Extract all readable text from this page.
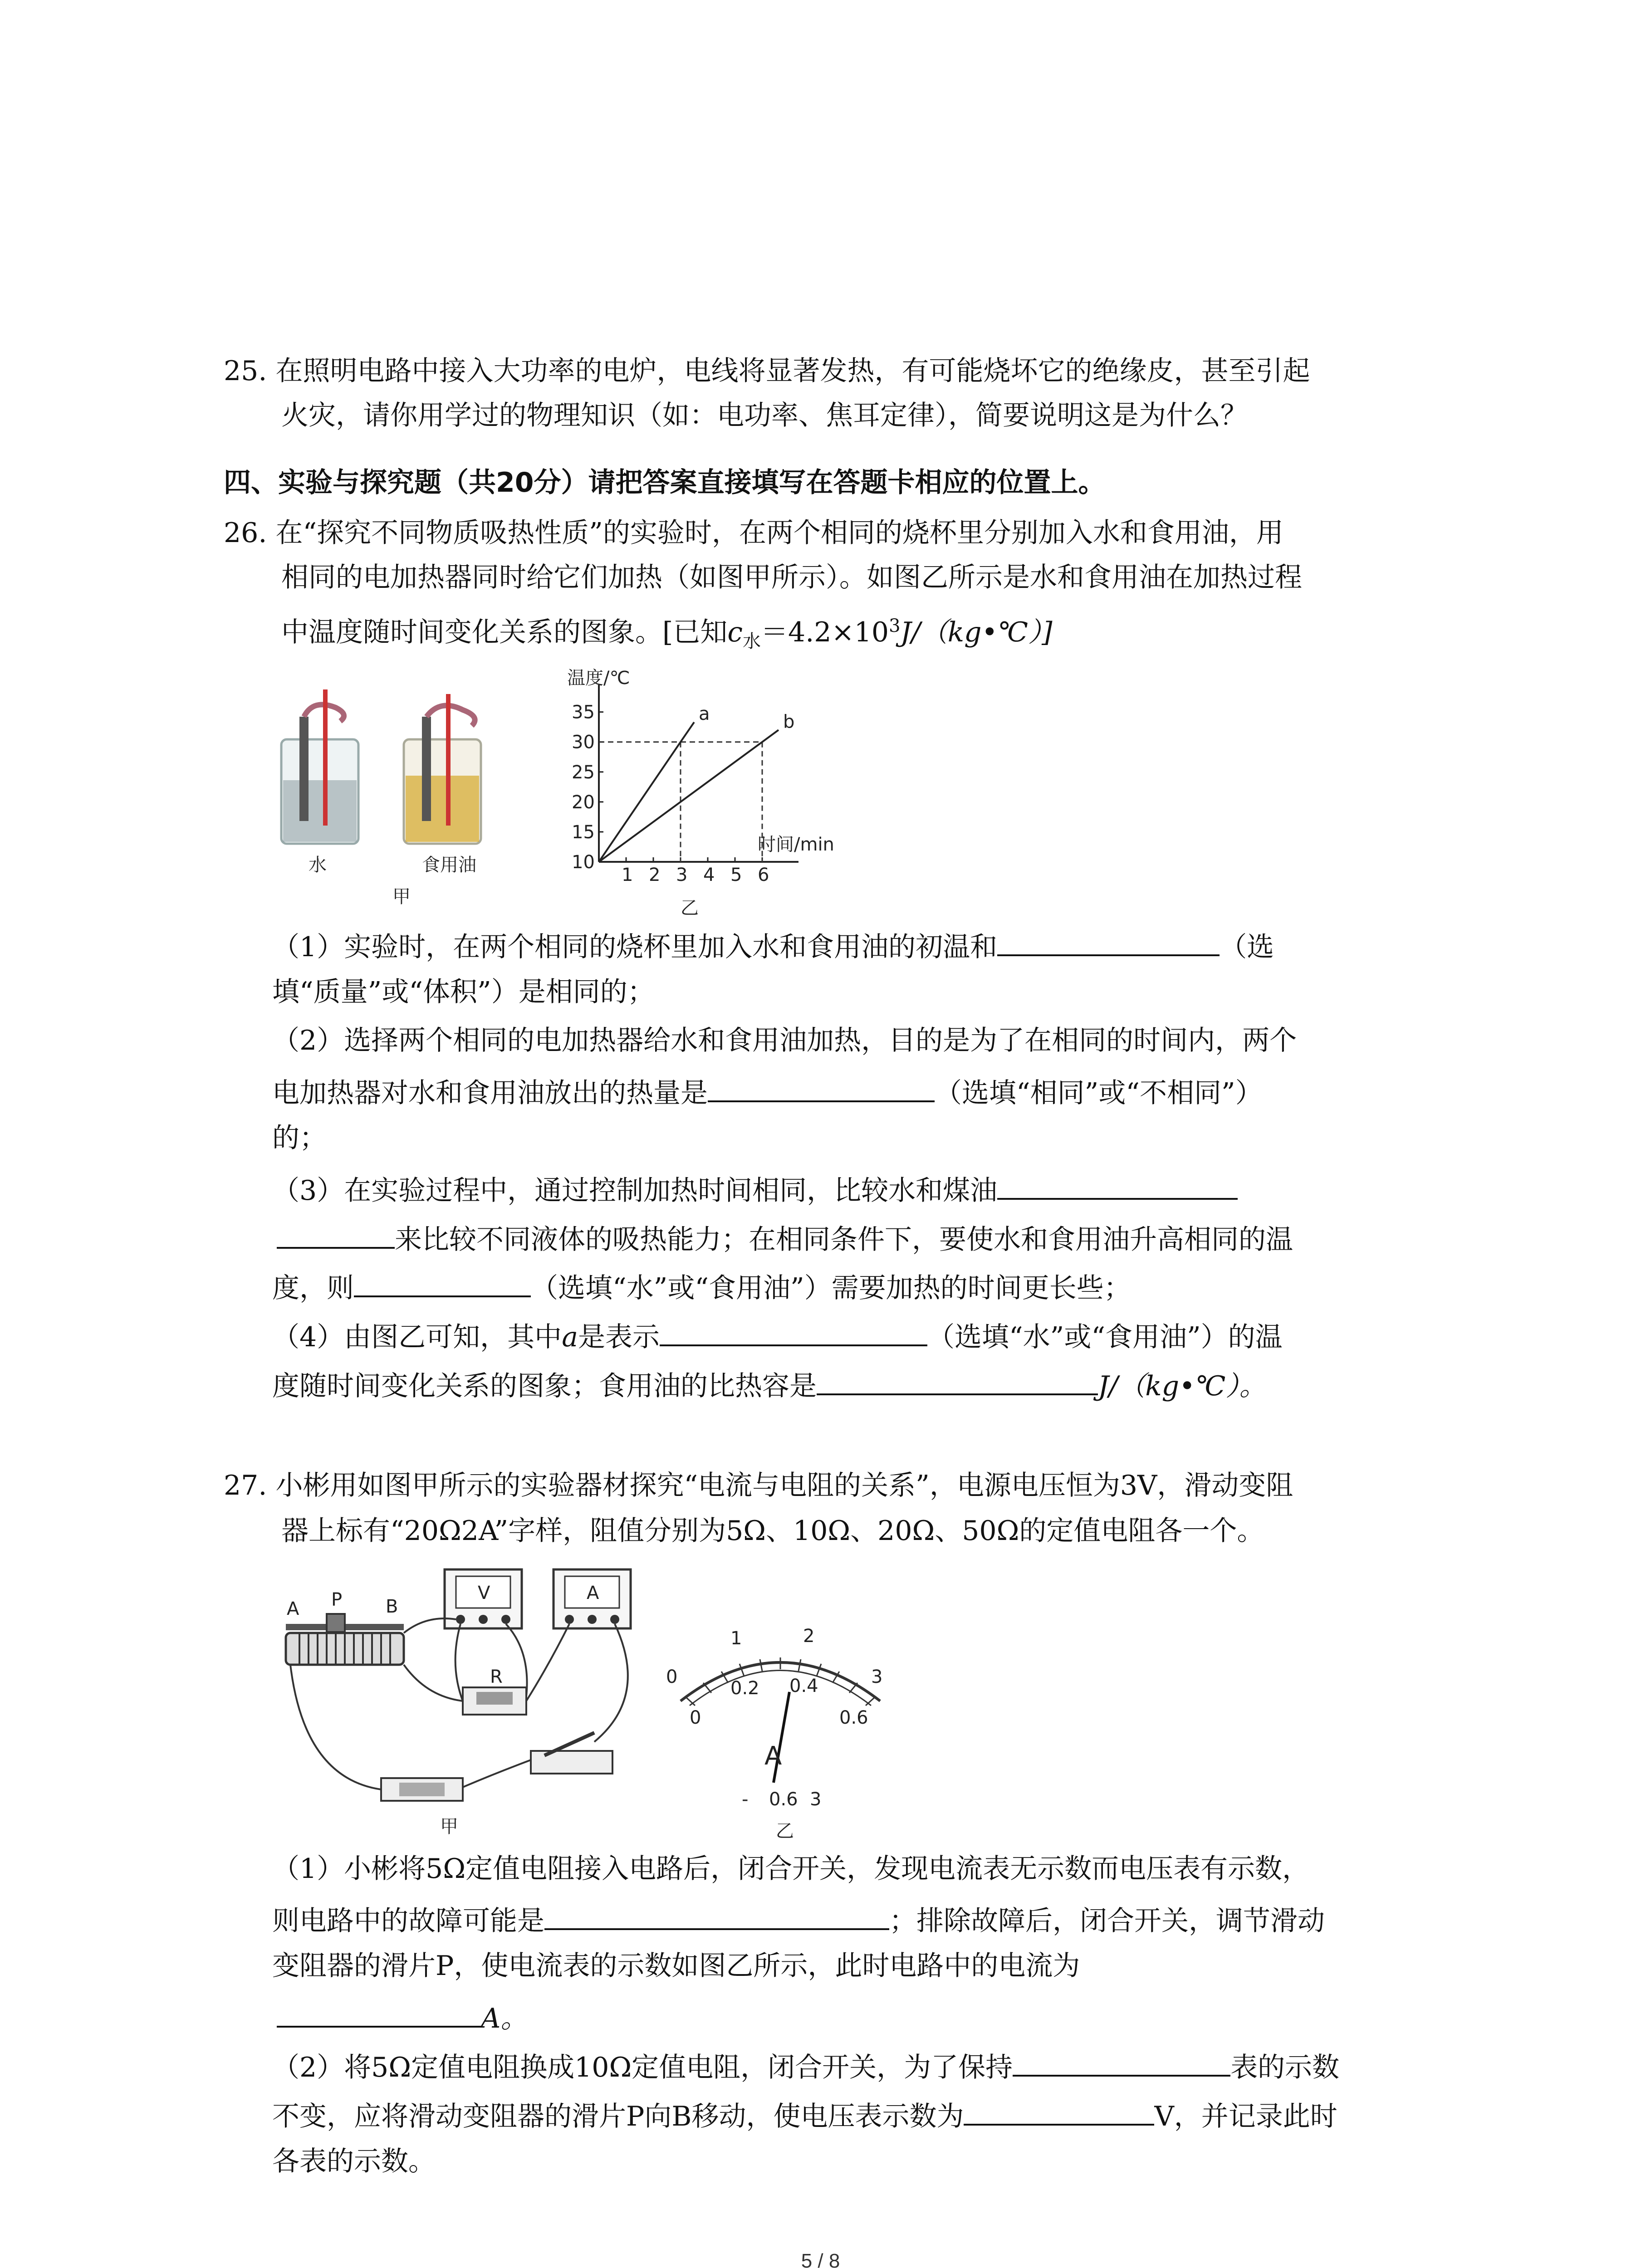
25. 在照明电路中接入大功率的电炉，电线将显著发热，有可能烧坏它的绝缘皮，甚至引起
火灾，请你用学过的物理知识（如：电功率、焦耳定律），简要说明这是为什么？
四、实验与探究题（共20分）请把答案直接填写在答题卡相应的位置上。
26. 在“探究不同物质吸热性质”的实验时，在两个相同的烧杯里分别加入水和食用油，用
相同的电加热器同时给它们加热（如图甲所示）。如图乙所示是水和食用油在加热过程
中温度随时间变化关系的图象。[已知$c_水=4.2\times 10^3J/(kg•℃)$]
水	食用油
甲
1 2 3 4 5 6
10
15
20
25
30
35	a	b
温度/℃
时间/min
乙
（1）实验时，在两个相同的烧杯里加入水和食用油的初温和	（选
填“质量”或“体积”）是相同的；
（2）选择两个相同的电加热器给水和食用油加热，目的是为了在相同的时间内，两个
电加热器对水和食用油放出的热量是	（选填“相同”或“不相同”）
的；
（3）在实验过程中，通过控制加热时间相同，比较水和煤油
来比较不同液体的吸热能力；在相同条件下，要使水和食用油升高相同的温
度，则	（选填“水”或“食用油”）需要加热的时间更长些；
（4）由图乙可知，其中a是表示	（选填“水”或“食用油”）的温
度随时间变化关系的图象；食用油的比热容是	J/（kg•℃）。
27. 小彬用如图甲所示的实验器材探究“电流与电阻的关系”，电源电压恒为3V，滑动变阻
器上标有“20Ω2A”字样，阻值分别为5Ω、10Ω、20Ω、50Ω的定值电阻各一个。
A P B
V	A
R
甲
0
1	2
3
0
0.2 0.4
0.6
A
- 0.6 3
乙
（1）小彬将5Ω定值电阻接入电路后，闭合开关，发现电流表无示数而电压表有示数，
则电路中的故障可能是	；排除故障后，闭合开关，调节滑动
变阻器的滑片P，使电流表的示数如图乙所示，此时电路中的电流为
A。
（2）将5Ω定值电阻换成10Ω定值电阻，闭合开关，为了保持	表的示数
不变，应将滑动变阻器的滑片P向B移动，使电压表示数为	V，并记录此时
各表的示数。
5 / 8
